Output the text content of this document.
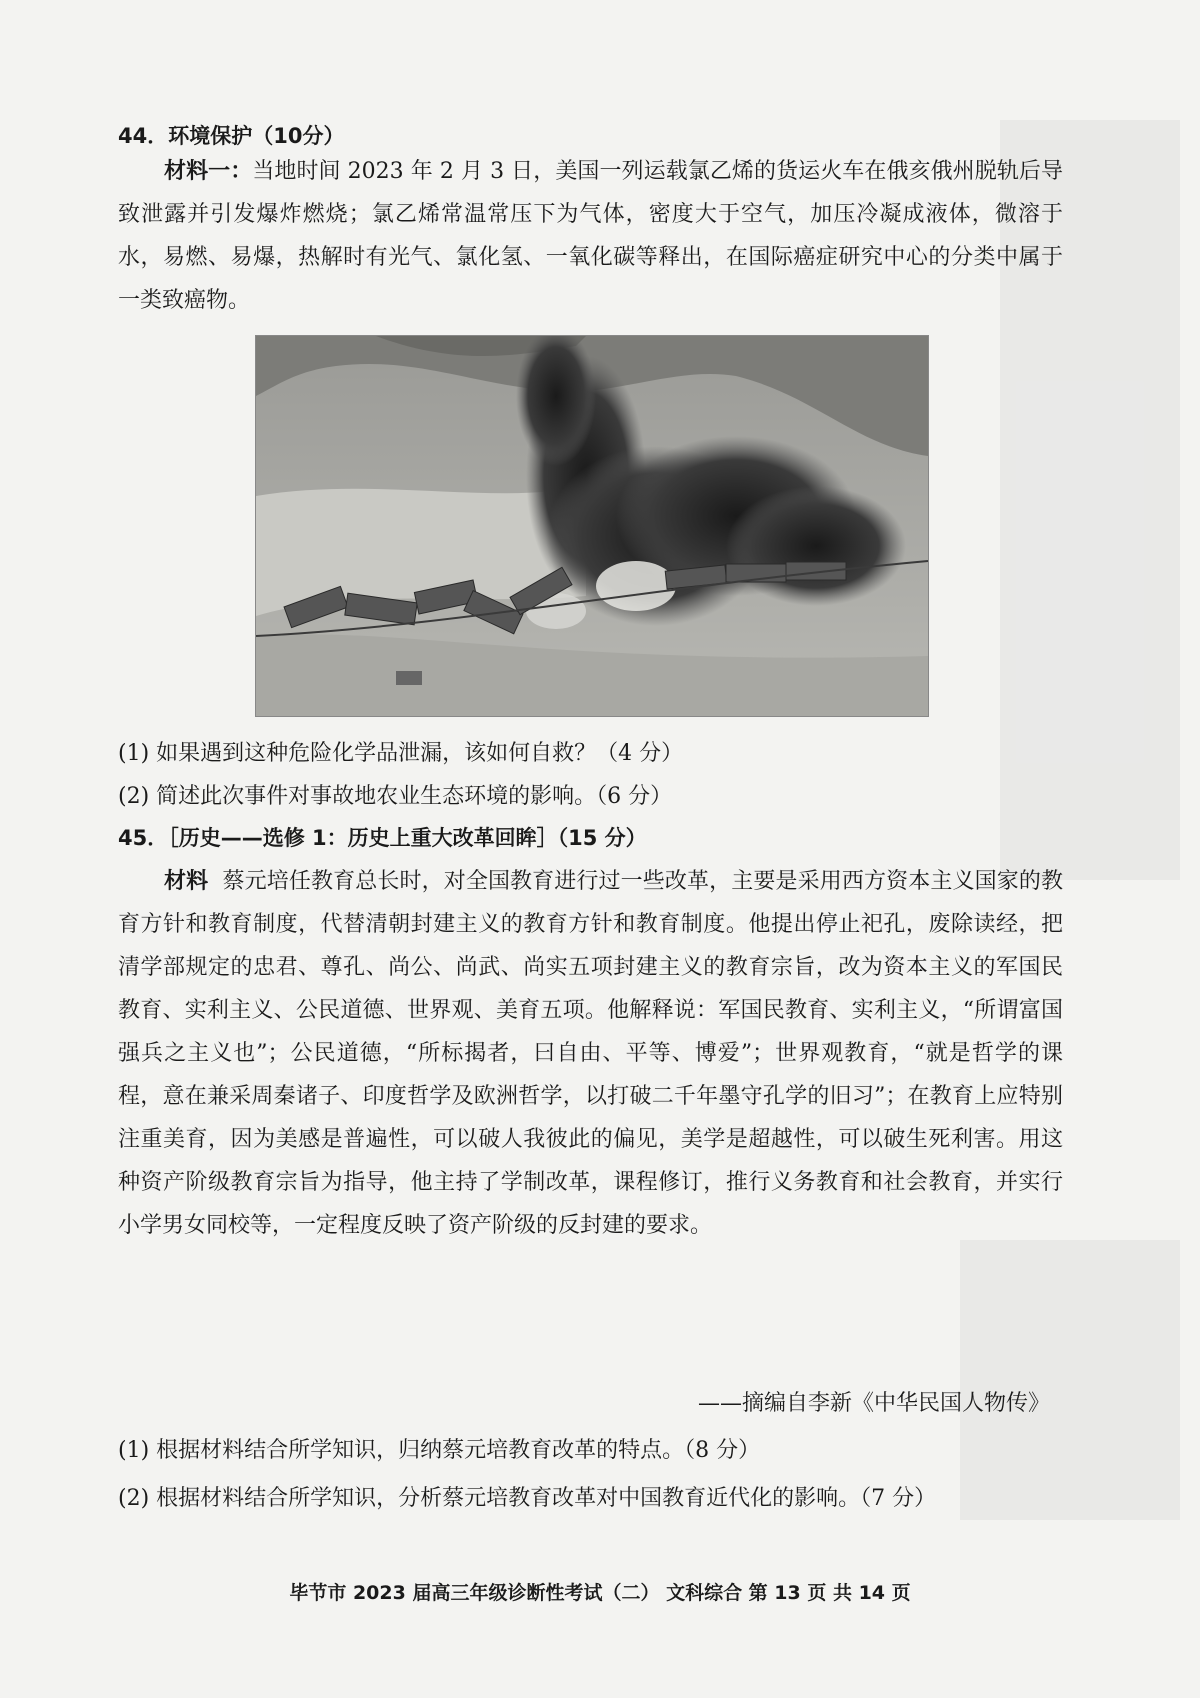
44．环境保护（10分）

材料一：当地时间 2023 年 2 月 3 日，美国一列运载氯乙烯的货运火车在俄亥俄州脱轨后导致泄露并引发爆炸燃烧；氯乙烯常温常压下为气体，密度大于空气，加压冷凝成液体，微溶于水，易燃、易爆，热解时有光气、氯化氢、一氧化碳等释出，在国际癌症研究中心的分类中属于一类致癌物。

(1) 如果遇到这种危险化学品泄漏，该如何自救？（4 分）
(2) 简述此次事件对事故地农业生态环境的影响。（6 分）
45．［历史——选修 1：历史上重大改革回眸］（15 分）

材料 蔡元培任教育总长时，对全国教育进行过一些改革，主要是采用西方资本主义国家的教育方针和教育制度，代替清朝封建主义的教育方针和教育制度。他提出停止祀孔，废除读经，把清学部规定的忠君、尊孔、尚公、尚武、尚实五项封建主义的教育宗旨，改为资本主义的军国民教育、实利主义、公民道德、世界观、美育五项。他解释说：军国民教育、实利主义，“所谓富国强兵之主义也”；公民道德，“所标揭者，曰自由、平等、博爱”；世界观教育，“就是哲学的课程，意在兼采周秦诸子、印度哲学及欧洲哲学，以打破二千年墨守孔学的旧习”；在教育上应特别注重美育，因为美感是普遍性，可以破人我彼此的偏见，美学是超越性，可以破生死利害。用这种资产阶级教育宗旨为指导，他主持了学制改革，课程修订，推行义务教育和社会教育，并实行小学男女同校等，一定程度反映了资产阶级的反封建的要求。

——摘编自李新《中华民国人物传》
(1) 根据材料结合所学知识，归纳蔡元培教育改革的特点。（8 分）
(2) 根据材料结合所学知识，分析蔡元培教育改革对中国教育近代化的影响。（7 分）
毕节市 2023 届高三年级诊断性考试（二） 文科综合 第 13 页 共 14 页
